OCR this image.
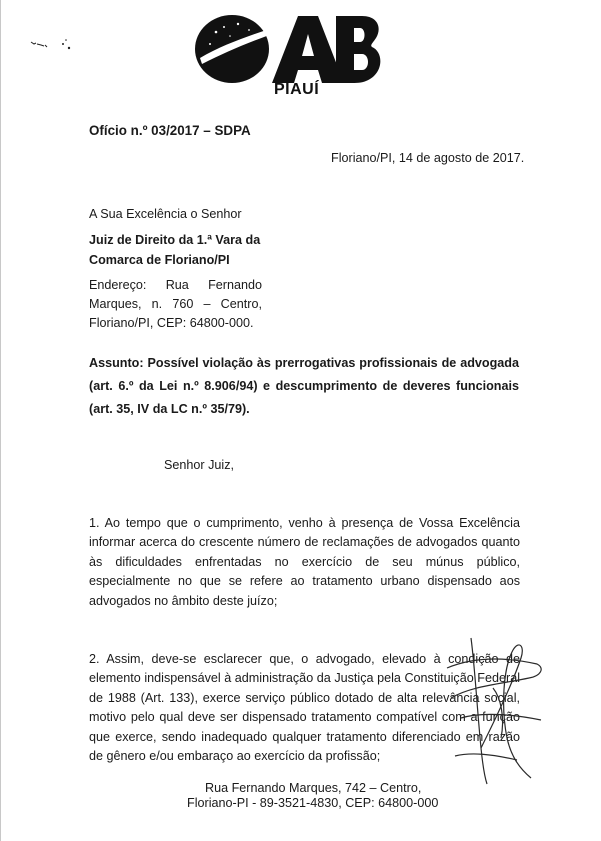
PIAUÍ

Ofício n.º 03/2017 – SDPA

Floriano/PI, 14 de agosto de 2017.

A Sua Excelência o Senhor

Juiz de Direito da 1.ª Vara da

Comarca de Floriano/PI

Endereço: Rua Fernando
Marques, n. 760 – Centro,

Floriano/PI, CEP: 64800-000.

Assunto: Possível violação às prerrogativas profissionais de advogada (art. 6.º da Lei n.º 8.906/94) e descumprimento de deveres funcionais (art. 35, IV da LC n.º 35/79).

Senhor Juiz,

1. Ao tempo que o cumprimento, venho à presença de Vossa Excelência informar acerca do crescente número de reclamações de advogados quanto às dificuldades enfrentadas no exercício de seu múnus público, especialmente no que se refere ao tratamento urbano dispensado aos advogados no âmbito deste juízo;

2. Assim, deve-se esclarecer que, o advogado, elevado à condição de elemento indispensável à administração da Justiça pela Constituição Federal de 1988 (Art. 133), exerce serviço público dotado de alta relevância social, motivo pelo qual deve ser dispensado tratamento compatível com a função que exerce, sendo inadequado qualquer tratamento diferenciado em razão de gênero e/ou embaraço ao exercício da profissão;

Rua Fernando Marques, 742 – Centro,

Floriano-PI - 89-3521-4830, CEP: 64800-000
